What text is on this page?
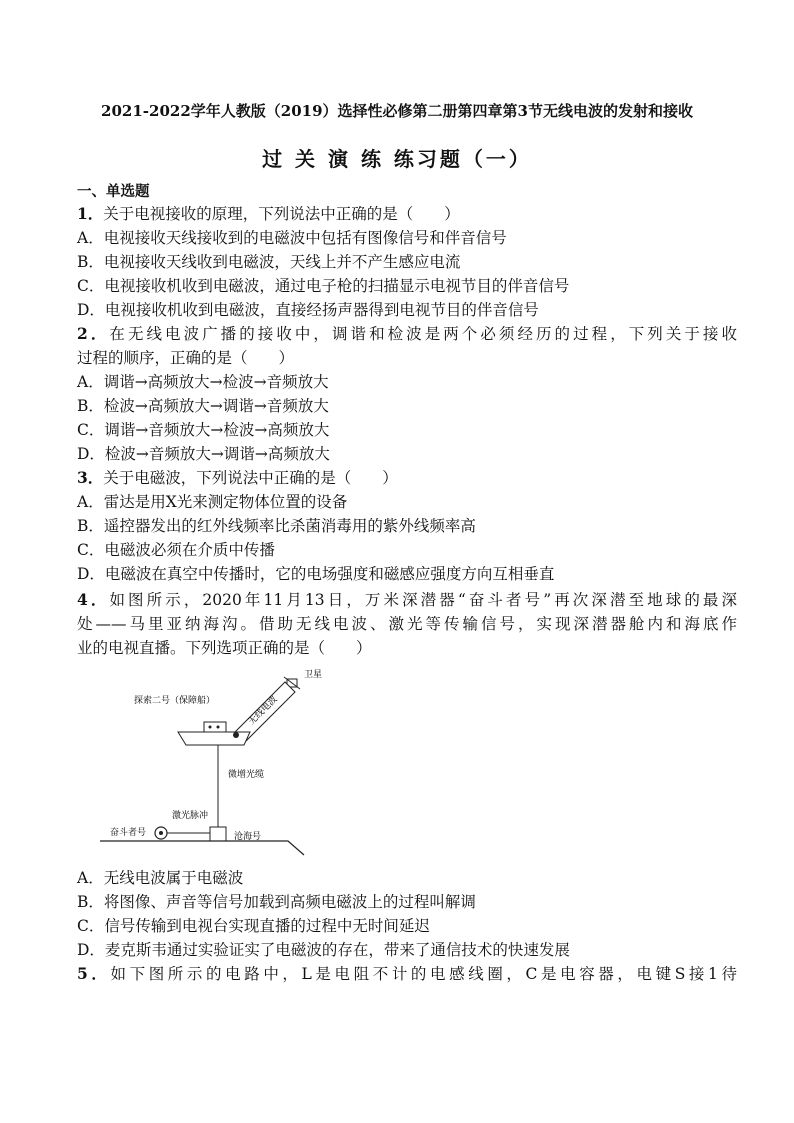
2021-2022学年人教版（2019）选择性必修第二册第四章第3节无线电波的发射和接收
过 关 演 练 练习题（一）
一、单选题
1．关于电视接收的原理，下列说法中正确的是（　　）
A．电视接收天线接收到的电磁波中包括有图像信号和伴音信号
B．电视接收天线收到电磁波，天线上并不产生感应电流
C．电视接收机收到电磁波，通过电子枪的扫描显示电视节目的伴音信号
D．电视接收机收到电磁波，直接经扬声器得到电视节目的伴音信号
2．在无线电波广播的接收中，调谐和检波是两个必须经历的过程，下列关于接收
过程的顺序，正确的是（　　）
A．调谐→高频放大→检波→音频放大
B．检波→高频放大→调谐→音频放大
C．调谐→音频放大→检波→高频放大
D．检波→音频放大→调谐→高频放大
3．关于电磁波，下列说法中正确的是（　　）
A．雷达是用X光来测定物体位置的设备
B．遥控器发出的红外线频率比杀菌消毒用的紫外线频率高
C．电磁波必须在介质中传播
D．电磁波在真空中传播时，它的电场强度和磁感应强度方向互相垂直
4．如图所示，2020年11月13日，万米深潜器“奋斗者号”再次深潜至地球的最深
处——马里亚纳海沟。借助无线电波、激光等传输信号，实现深潜器舱内和海底作
业的电视直播。下列选项正确的是（　　）
卫星
无线电波
探索二号（保障船）
微增光缆
激光脉冲
奋斗者号	沧海号
A．无线电波属于电磁波
B．将图像、声音等信号加载到高频电磁波上的过程叫解调
C．信号传输到电视台实现直播的过程中无时间延迟
D．麦克斯韦通过实验证实了电磁波的存在，带来了通信技术的快速发展
5．如下图所示的电路中，L是电阻不计的电感线圈，C是电容器，电键S接1待
